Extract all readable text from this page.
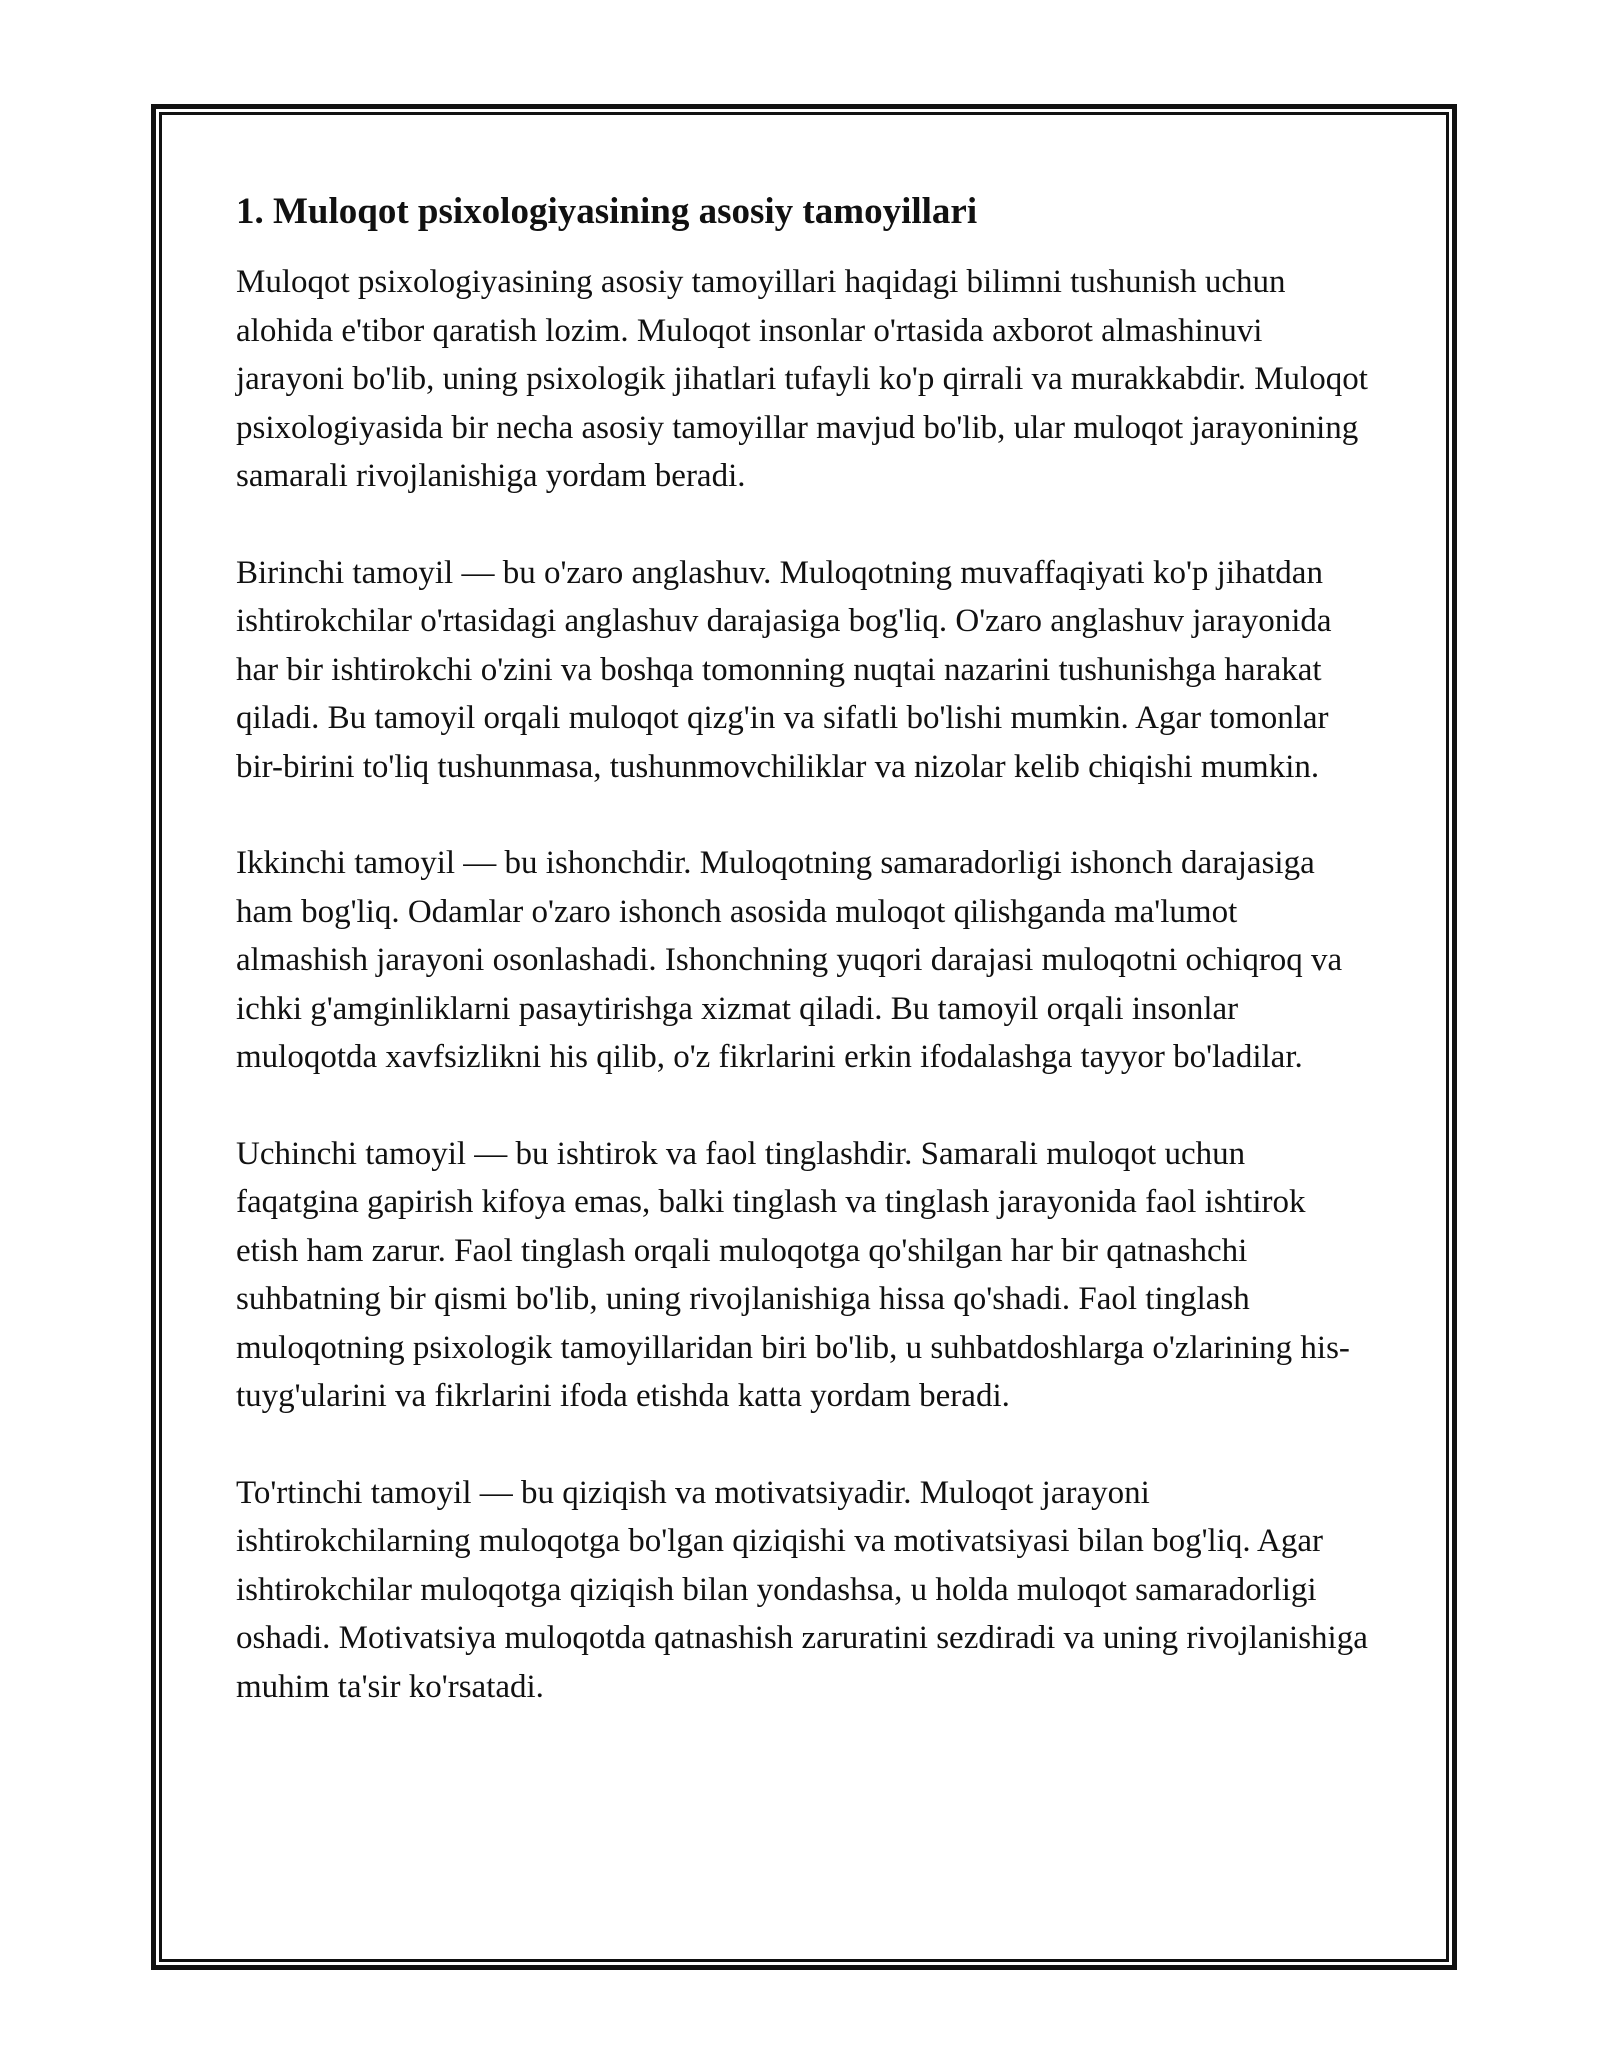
1. Muloqot psixologiyasining asosiy tamoyillari

Muloqot psixologiyasining asosiy tamoyillari haqidagi bilimni tushunish uchun alohida e'tibor qaratish lozim. Muloqot insonlar o'rtasida axborot almashinuvi jarayoni bo'lib, uning psixologik jihatlari tufayli ko'p qirrali va murakkabdir. Muloqot psixologiyasida bir necha asosiy tamoyillar mavjud bo'lib, ular muloqot jarayonining samarali rivojlanishiga yordam beradi.

Birinchi tamoyil — bu o'zaro anglashuv. Muloqotning muvaffaqiyati ko'p jihatdan ishtirokchilar o'rtasidagi anglashuv darajasiga bog'liq. O'zaro anglashuv jarayonida har bir ishtirokchi o'zini va boshqa tomonning nuqtai nazarini tushunishga harakat qiladi. Bu tamoyil orqali muloqot qizg'in va sifatli bo'lishi mumkin. Agar tomonlar bir-birini to'liq tushunmasa, tushunmovchiliklar va nizolar kelib chiqishi mumkin.

Ikkinchi tamoyil — bu ishonchdir. Muloqotning samaradorligi ishonch darajasiga ham bog'liq. Odamlar o'zaro ishonch asosida muloqot qilishganda ma'lumot almashish jarayoni osonlashadi. Ishonchning yuqori darajasi muloqotni ochiqroq va ichki g'amginliklarni pasaytirishga xizmat qiladi. Bu tamoyil orqali insonlar muloqotda xavfsizlikni his qilib, o'z fikrlarini erkin ifodalashga tayyor bo'ladilar.

Uchinchi tamoyil — bu ishtirok va faol tinglashdir. Samarali muloqot uchun faqatgina gapirish kifoya emas, balki tinglash va tinglash jarayonida faol ishtirok etish ham zarur. Faol tinglash orqali muloqotga qo'shilgan har bir qatnashchi suhbatning bir qismi bo'lib, uning rivojlanishiga hissa qo'shadi. Faol tinglash muloqotning psixologik tamoyillaridan biri bo'lib, u suhbatdoshlarga o'zlarining his-tuyg'ularini va fikrlarini ifoda etishda katta yordam beradi.

To'rtinchi tamoyil — bu qiziqish va motivatsiyadir. Muloqot jarayoni ishtirokchilarning muloqotga bo'lgan qiziqishi va motivatsiyasi bilan bog'liq. Agar ishtirokchilar muloqotga qiziqish bilan yondashsa, u holda muloqot samaradorligi oshadi. Motivatsiya muloqotda qatnashish zaruratini sezdiradi va uning rivojlanishiga muhim ta'sir ko'rsatadi.
